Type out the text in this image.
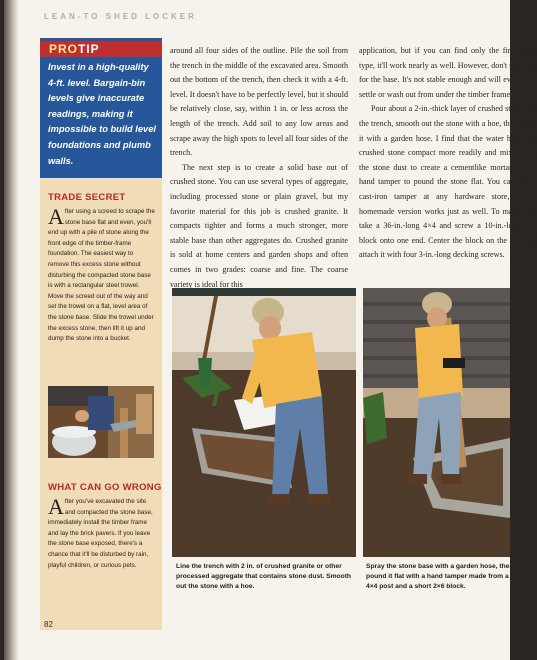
LEAN-TO SHED LOCKER
PROTIP
Invest in a high-quality 4-ft. level. Bargain-bin levels give inaccurate readings, making it impossible to build level foundations and plumb walls.
TRADE SECRET
After using a screed to scrape the stone base flat and even, you'll end up with a pile of stone along the front edge of the timber-frame foundation. The easiest way to remove this excess stone without disturbing the compacted stone base is with a rectangular steel trowel. Move the screed out of the way and set the trowel on a flat, level area of the stone base. Slide the trowel under the excess stone, then lift it up and dump the stone into a bucket.
WHAT CAN GO WRONG
After you've excavated the site and compacted the stone base, immediately install the timber frame and lay the brick pavers. If you leave the stone base exposed, there's a chance that it'll be disturbed by rain, playful children, or curious pets.

around all four sides of the outline. Pile the soil from the trench in the middle of the excavated area. Smooth out the bottom of the trench, then check it with a 4-ft. level. It doesn't have to be perfectly level, but it should be relatively close, say, within 1 in. or less across the length of the trench. Add soil to any low areas and scrape away the high spots to level all four sides of the trench.

The next step is to create a solid base out of crushed stone. You can use several types of aggregate, including processed stone or plain gravel, but my favorite material for this job is crushed granite. It compacts tighter and forms a much stronger, more stable base than other aggregates do. Crushed granite is sold at home centers and garden shops and often comes in two grades: coarse and fine. The coarse variety is ideal for this

application, but if you can find only the fine grade type, it'll work nearly as well. However, don't use sand for the base. It's not stable enough and will eventually settle or wash out from under the timber frame.

Pour about a 2-in.-thick layer of crushed stone into the trench, smooth out the stone with a hoe, then spray it with a garden hose. I find that the water helps the crushed stone compact more readily and mixes with the stone dust to create a cementlike mortar. Use a hand tamper to pound the stone flat. You can buy a cast-iron tamper at any hardware store, but a homemade version works just as well. To make one, take a 36-in.-long 4×4 and screw a 10-in.-long 2×6 block onto one end. Center the block on the 4×4 and attach it with four 3-in.-long decking screws.

Line the trench with 2 in. of crushed granite or other processed aggregate that contains stone dust. Smooth out the stone with a hoe.
Spray the stone base with a garden hose, then pound it flat with a hand tamper made from a 4×4 post and a short 2×6 block.
82
